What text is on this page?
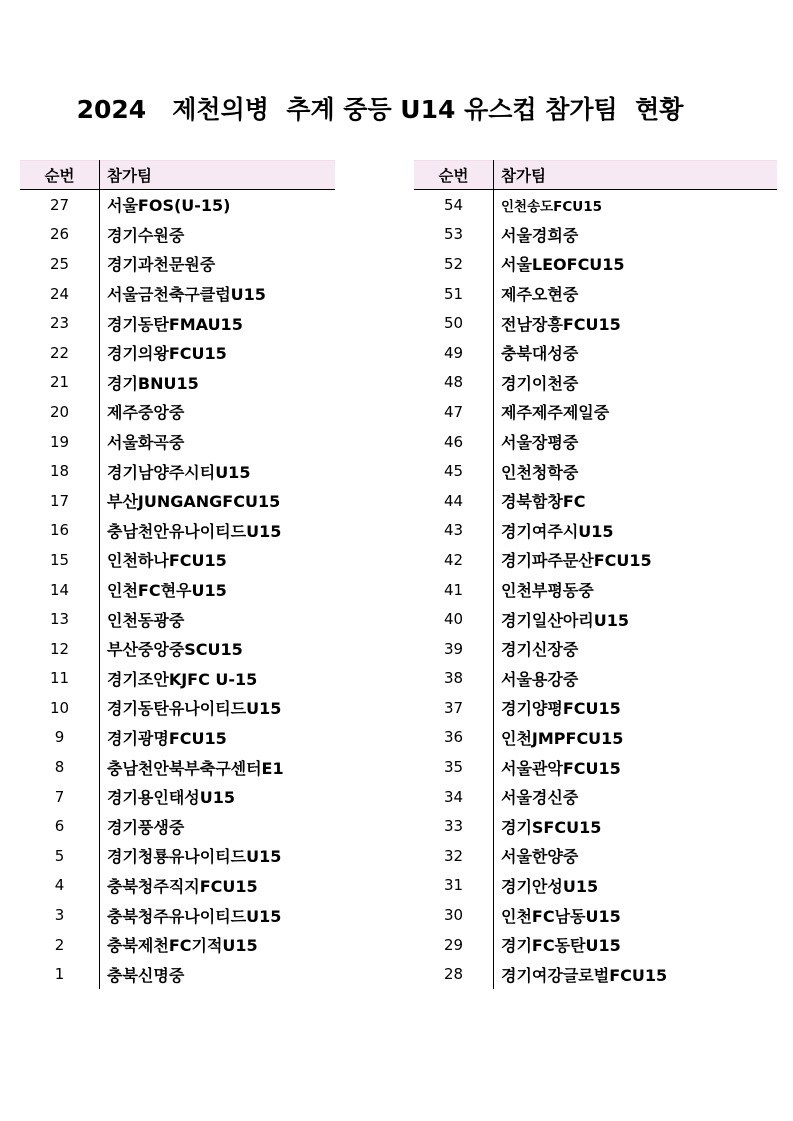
2024   제천의병  추계 중등 U14 유스컵 참가팀  현황
순번	참가팀
27	서울FOS(U-15)
26	경기수원중
25	경기과천문원중
24	서울금천축구클럽U15
23	경기동탄FMAU15
22	경기의왕FCU15
21	경기BNU15
20	제주중앙중
19	서울화곡중
18	경기남양주시티U15
17	부산JUNGANGFCU15
16	충남천안유나이티드U15
15	인천하나FCU15
14	인천FC현우U15
13	인천동광중
12	부산중앙중SCU15
11	경기조안KJFC U-15
10	경기동탄유나이티드U15
9	경기광명FCU15
8	충남천안북부축구센터E1
7	경기용인태성U15
6	경기풍생중
5	경기청룡유나이티드U15
4	충북청주직지FCU15
3	충북청주유나이티드U15
2	충북제천FC기적U15
1	충북신명중
순번	참가팀
54	인천송도FCU15
53	서울경희중
52	서울LEOFCU15
51	제주오현중
50	전남장흥FCU15
49	충북대성중
48	경기이천중
47	제주제주제일중
46	서울장평중
45	인천청학중
44	경북함창FC
43	경기여주시U15
42	경기파주문산FCU15
41	인천부평동중
40	경기일산아리U15
39	경기신장중
38	서울용강중
37	경기양평FCU15
36	인천JMPFCU15
35	서울관악FCU15
34	서울경신중
33	경기SFCU15
32	서울한양중
31	경기안성U15
30	인천FC남동U15
29	경기FC동탄U15
28	경기여강글로벌FCU15
